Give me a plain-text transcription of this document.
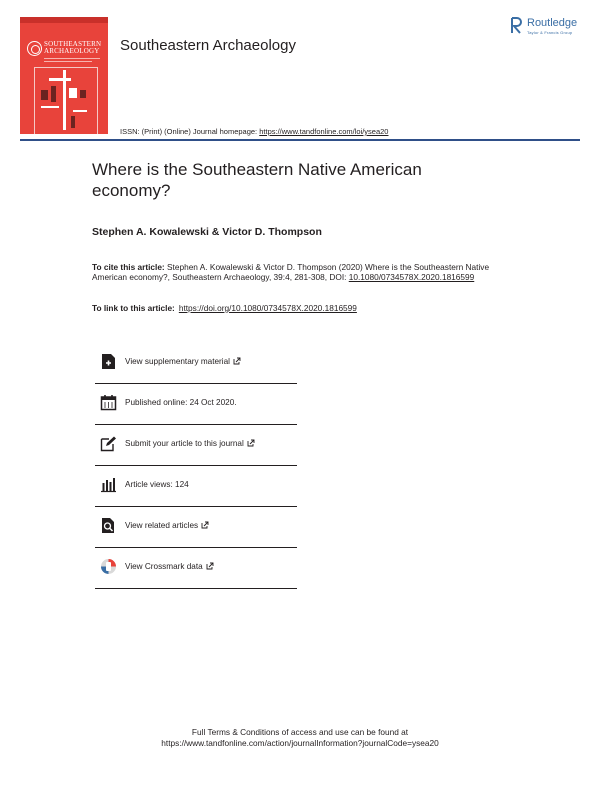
SOUTHEASTERN ARCHAEOLOGY	Southeastern Archaeology
Routledge
Taylor & Francis Group
ISSN: (Print) (Online) Journal homepage: https://www.tandfonline.com/loi/ysea20
Where is the Southeastern Native American economy?
Stephen A. Kowalewski & Victor D. Thompson
To cite this article: Stephen A. Kowalewski & Victor D. Thompson (2020) Where is the Southeastern Native American economy?, Southeastern Archaeology, 39:4, 281-308, DOI: 10.1080/0734578X.2020.1816599
To link to this article: https://doi.org/10.1080/0734578X.2020.1816599
View supplementary material
Published online: 24 Oct 2020.
Submit your article to this journal
Article views: 124
View related articles
View Crossmark data
Full Terms & Conditions of access and use can be found at
https://www.tandfonline.com/action/journalInformation?journalCode=ysea20
